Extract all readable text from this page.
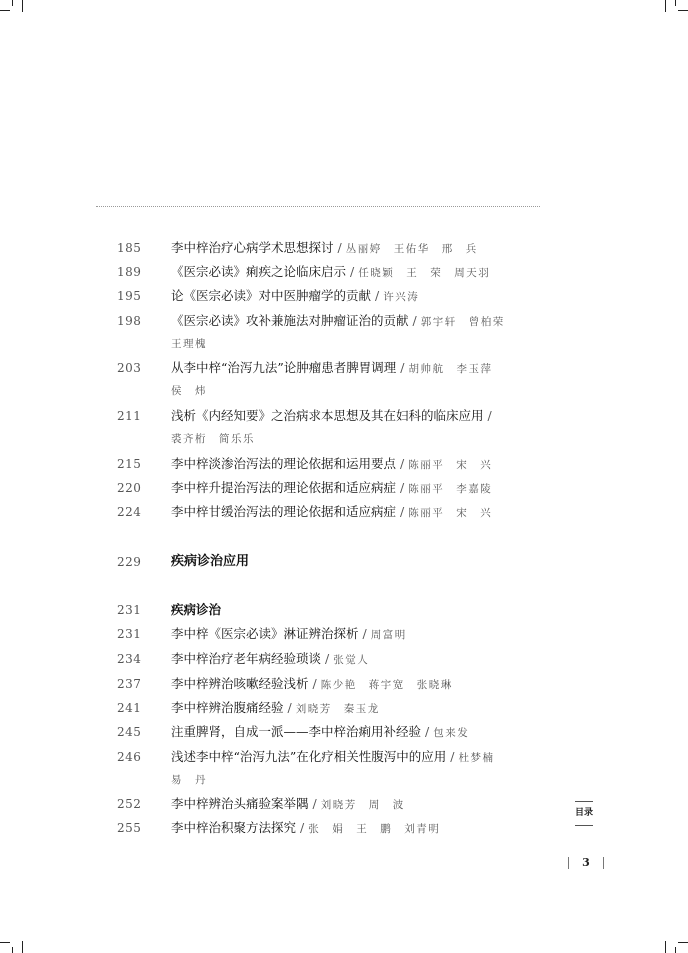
185	李中梓治疗心病学术思想探讨 / 丛丽婷　王佑华　邢　兵
189	《医宗必读》痢疾之论临床启示 / 任晓颖　王　荣　周天羽
195	论《医宗必读》对中医肿瘤学的贡献 / 许兴涛
198	《医宗必读》攻补兼施法对肿瘤证治的贡献 / 郭宇轩　曾柏荣
王理槐
203	从李中梓“治泻九法”论肿瘤患者脾胃调理 / 胡帅航　李玉萍
侯　炜
211	浅析《内经知要》之治病求本思想及其在妇科的临床应用 /
裘齐桁　简乐乐
215	李中梓淡渗治泻法的理论依据和运用要点 / 陈丽平　宋　兴
220	李中梓升提治泻法的理论依据和适应病症 / 陈丽平　李嘉陵
224	李中梓甘缓治泻法的理论依据和适应病症 / 陈丽平　宋　兴
229	疾病诊治应用
231	疾病诊治
231	李中梓《医宗必读》淋证辨治探析 / 周富明
234	李中梓治疗老年病经验琐谈 / 张觉人
237	李中梓辨治咳嗽经验浅析 / 陈少艳　蒋宇宽　张晓琳
241	李中梓辨治腹痛经验 / 刘晓芳　秦玉龙
245	注重脾肾，自成一派——李中梓治痢用补经验 / 包来发
246	浅述李中梓“治泻九法”在化疗相关性腹泻中的应用 / 杜梦楠
易　丹
252	李中梓辨治头痛验案举隅 / 刘晓芳　周　波
255	李中梓治积聚方法探究 / 张　娟　王　鹏　刘青明
目录
3
